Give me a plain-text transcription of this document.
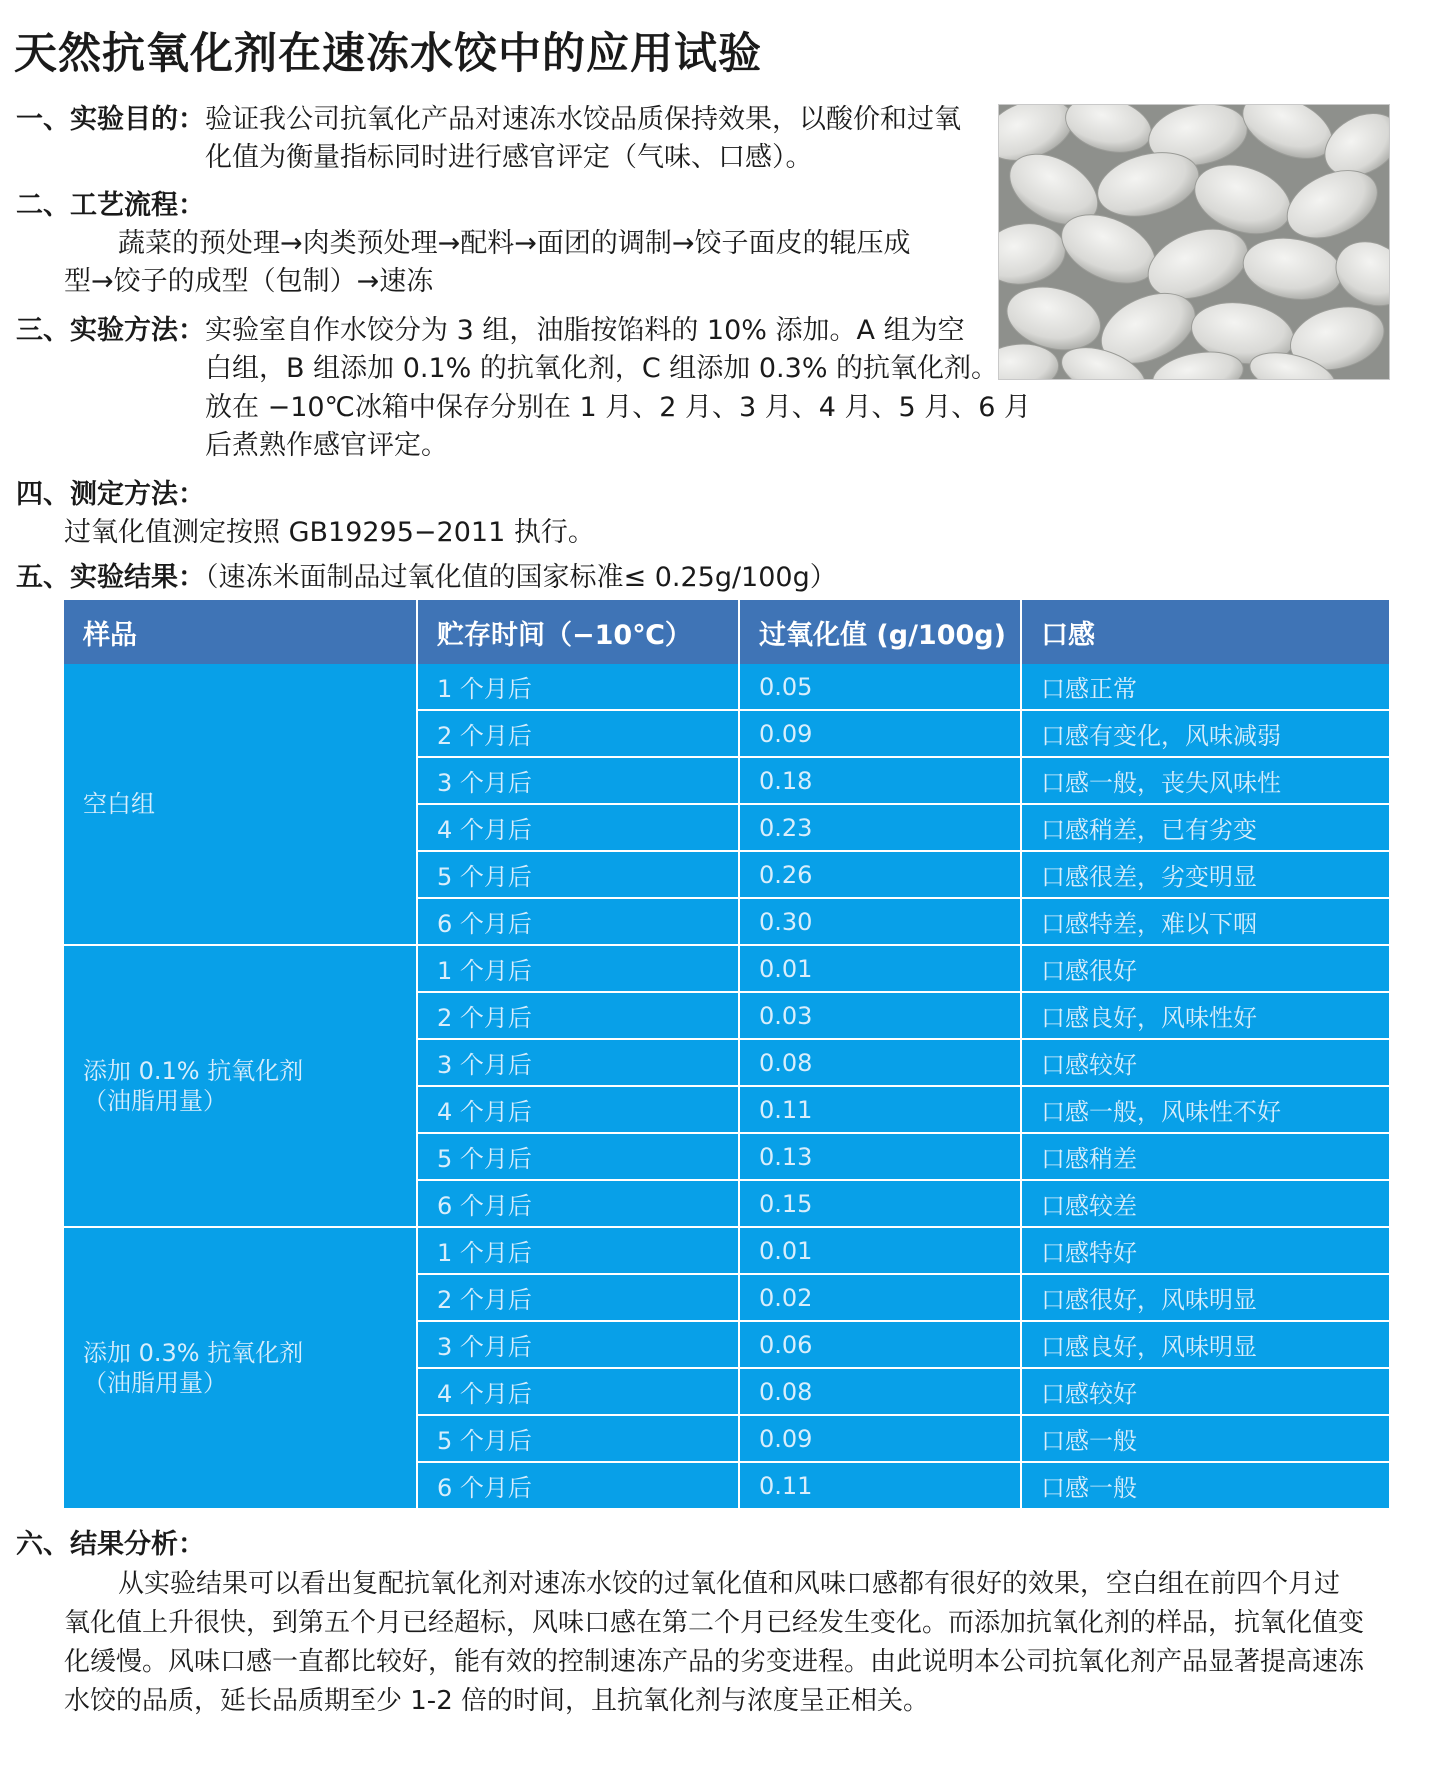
天然抗氧化剂在速冻水饺中的应用试验
一、实验目的： 验证我公司抗氧化产品对速冻水饺品质保持效果，以酸价和过氧
化值为衡量指标同时进行感官评定（气味、口感）。
二、工艺流程：
蔬菜的预处理→肉类预处理→配料→面团的调制→饺子面皮的辊压成
型→饺子的成型（包制）→速冻
三、实验方法： 实验室自作水饺分为 3 组，油脂按馅料的 10% 添加。A 组为空
白组，B 组添加 0.1% 的抗氧化剂，C 组添加 0.3% 的抗氧化剂。
放在 −10℃冰箱中保存分别在 1 月、2 月、3 月、4 月、5 月、6 月
后煮熟作感官评定。
四、测定方法：
过氧化值测定按照 GB19295−2011 执行。
五、实验结果：（速冻米面制品过氧化值的国家标准≤ 0.25g/100g）
样品	贮存时间（−10℃）	过氧化值 (g/100g)	口感
空白组	1 个月后	0.05	口感正常
	2 个月后	0.09	口感有变化，风味减弱
	3 个月后	0.18	口感一般，丧失风味性
	4 个月后	0.23	口感稍差，已有劣变
	5 个月后	0.26	口感很差，劣变明显
	6 个月后	0.30	口感特差，难以下咽
添加 0.1% 抗氧化剂
（油脂用量）	1 个月后	0.01	口感很好
	2 个月后	0.03	口感良好，风味性好
	3 个月后	0.08	口感较好
	4 个月后	0.11	口感一般，风味性不好
	5 个月后	0.13	口感稍差
	6 个月后	0.15	口感较差
添加 0.3% 抗氧化剂
（油脂用量）	1 个月后	0.01	口感特好
	2 个月后	0.02	口感很好，风味明显
	3 个月后	0.06	口感良好，风味明显
	4 个月后	0.08	口感较好
	5 个月后	0.09	口感一般
	6 个月后	0.11	口感一般
六、结果分析：
从实验结果可以看出复配抗氧化剂对速冻水饺的过氧化值和风味口感都有很好的效果，空白组在前四个月过
氧化值上升很快，到第五个月已经超标，风味口感在第二个月已经发生变化。而添加抗氧化剂的样品，抗氧化值变
化缓慢。风味口感一直都比较好，能有效的控制速冻产品的劣变进程。由此说明本公司抗氧化剂产品显著提高速冻
水饺的品质，延长品质期至少 1-2 倍的时间，且抗氧化剂与浓度呈正相关。
